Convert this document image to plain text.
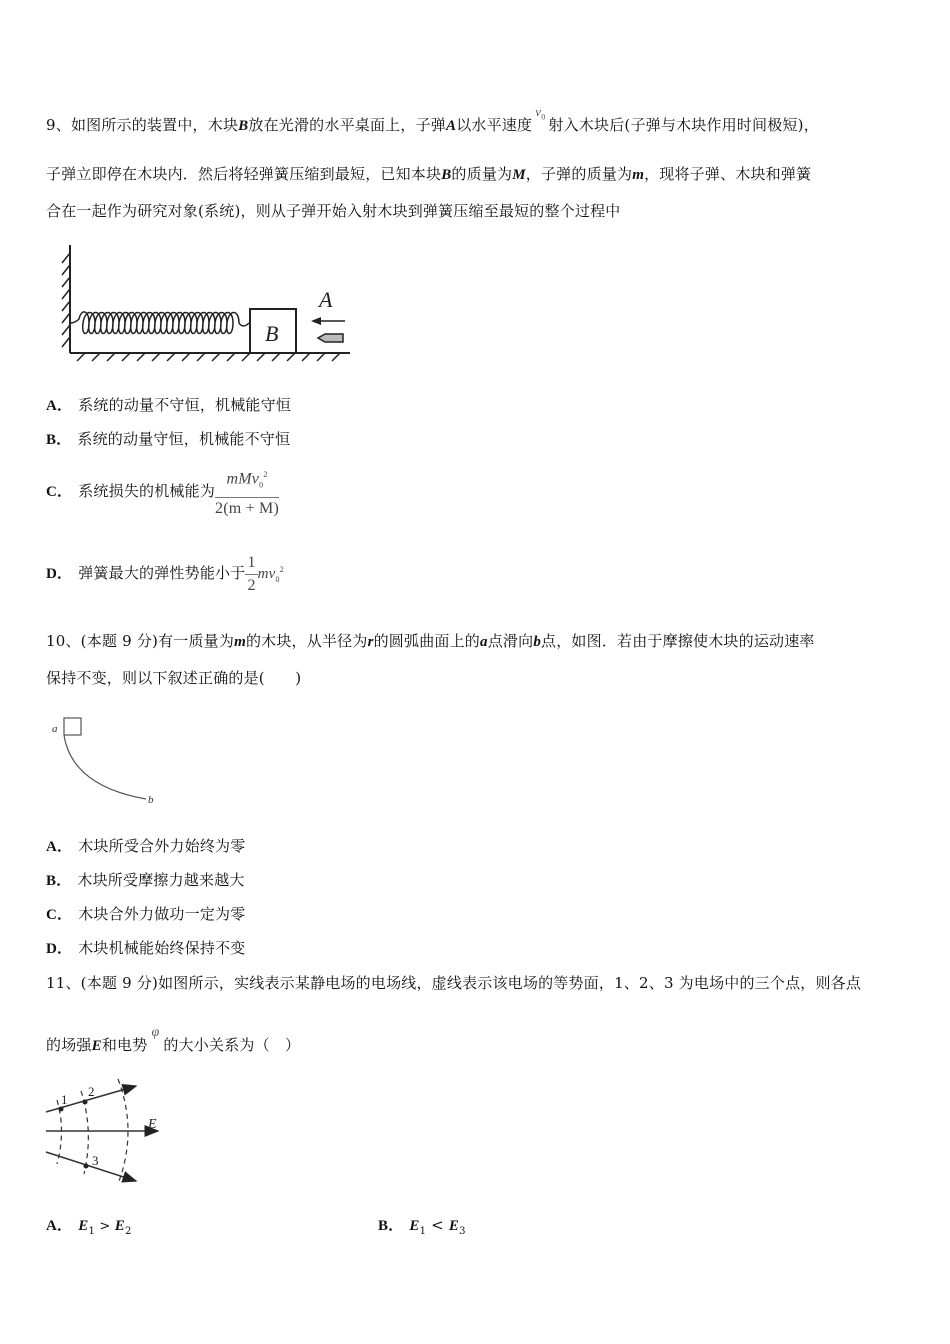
9、如图所示的装置中，木块B放在光滑的水平桌面上，子弹A以水平速度$v_0$ 射入木块后(子弹与木块作用时间极短)，
子弹立即停在木块内．然后将轻弹簧压缩到最短，已知本块B的质量为M，子弹的质量为m，现将子弹、木块和弹簧
合在一起作为研究对象(系统)，则从子弹开始入射木块到弹簧压缩至最短的整个过程中
B
A
A． 系统的动量不守恒，机械能守恒
B． 系统的动量守恒，机械能不守恒
C． 系统损失的机械能为 $\frac{mMv_0^2}{2(m + M)}$
D． 弹簧最大的弹性势能小于 $\frac{1}{2} mv_0^2$
10、(本题 9 分)有一质量为m的木块，从半径为r的圆弧曲面上的a点滑向b点，如图．若由于摩擦使木块的运动速率
保持不变，则以下叙述正确的是(　　)
a
b
A． 木块所受合外力始终为零
B． 木块所受摩擦力越来越大
C． 木块合外力做功一定为零
D． 木块机械能始终保持不变
11、(本题 9 分)如图所示，实线表示某静电场的电场线，虚线表示该电场的等势面，1、2、3 为电场中的三个点，则各点
的场强E和电势φ的大小关系为（　）
1
2
3
E
A． $E_1 > E_2$	B． $E_1 < E_3$
